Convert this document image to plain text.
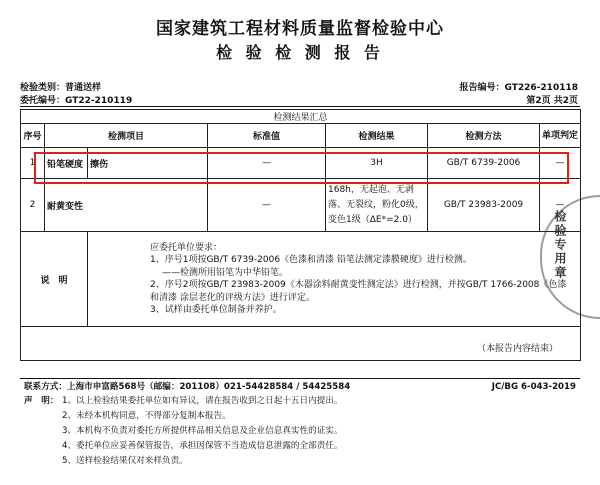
国家建筑工程材料质量监督检验中心
检 验 检 测 报 告
检验类别：普通送样
委托编号：GT22-210119
报告编号：GT226-210118
第2页 共2页
检测结果汇总						
序号	检测项目		标准值	检测结果	检测方法	单项判定
1	铅笔硬度	擦伤	—	3H	GB/T 6739-2006	—
2	耐黄变性		—	168h，无起泡、无剥落、无裂纹，粉化0级，变色1级（ΔE*=2.0）	GB/T 23983-2009	—
说　明		应委托单位要求：
1、序号1项按GB/T 6739-2006《色漆和清漆 铅笔法测定漆膜硬度》进行检测。
——检测所用铅笔为中华铅笔。
2、序号2项按GB/T 23983-2009《木器涂料耐黄变性测定法》进行检测，并按GB/T 1766-2008《色漆和清漆 涂层老化的评级方法》进行评定。
3、试样由委托单位制备并养护。				

（本报告内容结束）						
检验专用章
联系方式：上海市申富路568号（邮编：201108）021-54428584 / 54425584	JC/BG 6-043-2019
声　明： 1、以上检验结果委托单位如有异议，请在报告收到之日起十五日内提出。
2、未经本机构同意，不得部分复制本报告。
3、本机构不负责对委托方所提供样品相关信息及企业信息真实性的证实。
4、委托单位应妥善保管报告，承担因保管不当造成信息泄露的全部责任。
5、送样检验结果仅对来样负责。
